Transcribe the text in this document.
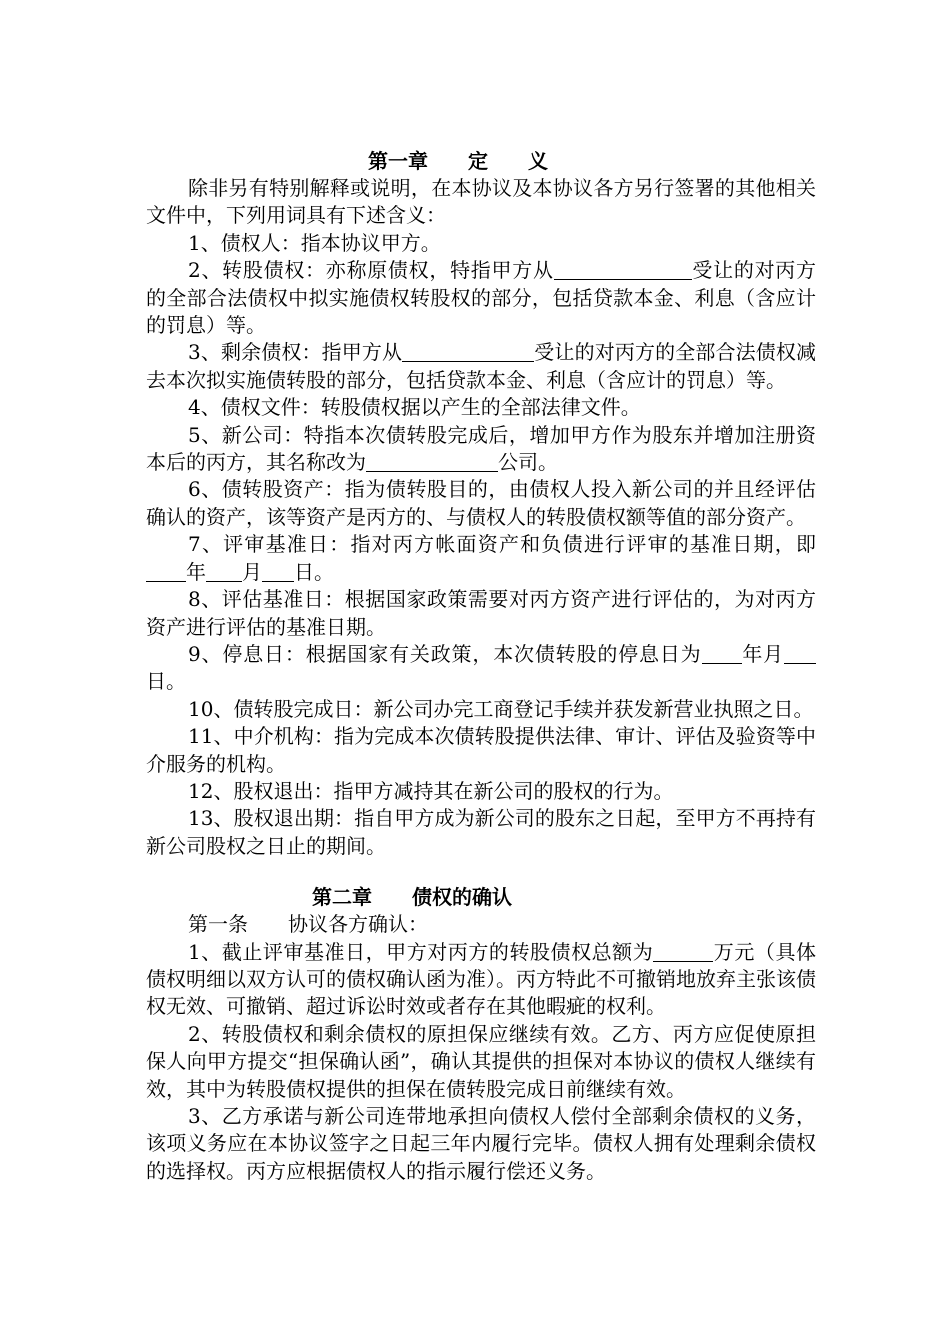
第一章　　定　　义

除非另有特别解释或说明，在本协议及本协议各方另行签署的其他相关文件中，下列用词具有下述含义：

1、债权人：指本协议甲方。

2、转股债权：亦称原债权，特指甲方从	受让的对丙方的全部合法债权中拟实施债权转股权的部分，包括贷款本金、利息（含应计的罚息）等。

3、剩余债权：指甲方从	受让的对丙方的全部合法债权减去本次拟实施债转股的部分，包括贷款本金、利息（含应计的罚息）等。

4、债权文件：转股债权据以产生的全部法律文件。

5、新公司：特指本次债转股完成后，增加甲方作为股东并增加注册资本后的丙方，其名称改为	公司。

6、债转股资产：指为债转股目的，由债权人投入新公司的并且经评估确认的资产，该等资产是丙方的、与债权人的转股债权额等值的部分资产。

7、评审基准日：指对丙方帐面资产和负债进行评审的基准日期，即年 月 日。

8、评估基准日：根据国家政策需要对丙方资产进行评估的，为对丙方资产进行评估的基准日期。

9、停息日：根据国家有关政策，本次债转股的停息日为 年月日。

10、债转股完成日：新公司办完工商登记手续并获发新营业执照之日。

11、中介机构：指为完成本次债转股提供法律、审计、评估及验资等中介服务的机构。

12、股权退出：指甲方减持其在新公司的股权的行为。

13、股权退出期：指自甲方成为新公司的股东之日起，至甲方不再持有新公司股权之日止的期间。

第二章　　债权的确认

第一条　　协议各方确认：

1、截止评审基准日，甲方对丙方的转股债权总额为	万元（具体债权明细以双方认可的债权确认函为准）。丙方特此不可撤销地放弃主张该债权无效、可撤销、超过诉讼时效或者存在其他暇疵的权利。

2、转股债权和剩余债权的原担保应继续有效。乙方、丙方应促使原担保人向甲方提交“担保确认函”，确认其提供的担保对本协议的债权人继续有效，其中为转股债权提供的担保在债转股完成日前继续有效。

3、乙方承诺与新公司连带地承担向债权人偿付全部剩余债权的义务，该项义务应在本协议签字之日起三年内履行完毕。债权人拥有处理剩余债权的选择权。丙方应根据债权人的指示履行偿还义务。
